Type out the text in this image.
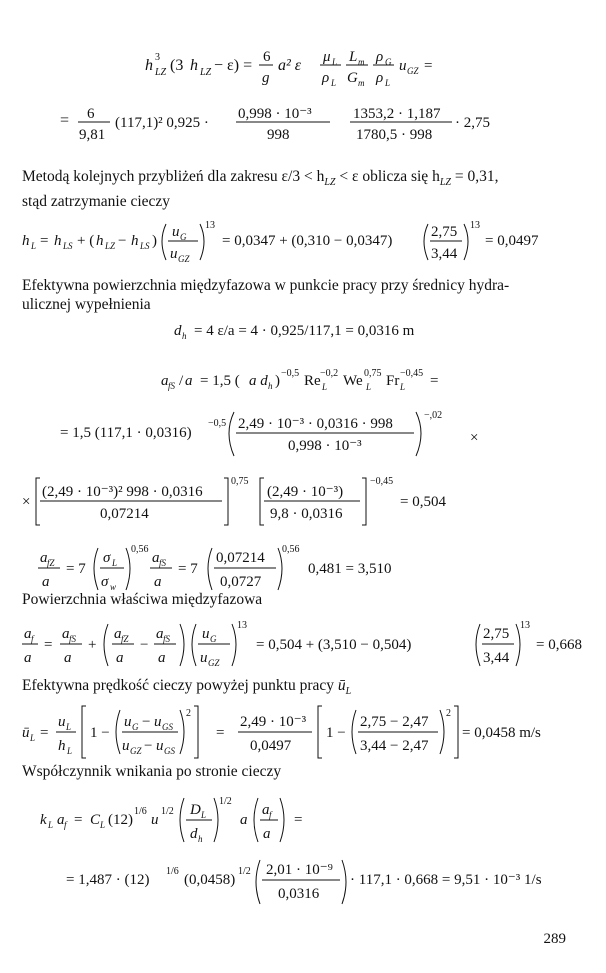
h 3
LZ (3 h LZ − ε) = 6
g
a² ε μ L
ρ L
L m
G m
ρ G
ρ L
u GZ =
= 6
9,81
(117,1)² 0,925 ·
0,998 · 10⁻³
998
1353,2 · 1,187
1780,5 · 998
· 2,75
Metodą kolejnych przybliżeń dla zakresu $\varepsilon/3 < h_{LZ} < \varepsilon$ oblicza się $h_{LZ} = 0,31$,
stąd zatrzymanie cieczy
h L = h LS + ( h LZ − h LS )
u G
u GZ
13
= 0,0347 + (0,310 − 0,0347)
2,75
3,44
13
= 0,0497
Efektywna powierzchnia międzyfazowa w punkcie pracy przy średnicy hydra-
ulicznej wypełnienia
d h = 4 ε/a = 4 · 0,925/117,1 = 0,0316 m
a fS / a = 1,5 ( a d h ) −0,5 Re L
−0,2 We L
0,75 Fr L
−0,45 =
= 1,5 (117,1 · 0,0316)
−0,5 2,49 · 10⁻³ · 0,0316 · 998
0,998 · 10⁻³
−,02
×
×
(2,49 · 10⁻³)² 998 · 0,0316
0,07214
0,75
(2,49 · 10⁻³)
9,8 · 0,0316
−0,45
= 0,504
a fZ
a
= 7
σ L
σ w
0,56
a fS
a
= 7
0,07214
0,0727
0,56
0,481 = 3,510
Powierzchnia właściwa międzyfazowa
a f
a
=
a fS
a
+
a fZ
a
−
a fS
a
u G
u GZ
13
= 0,504 + (3,510 − 0,504)
2,75
3,44
13
= 0,668
Efektywna prędkość cieczy powyżej punktu pracy $ū_L$
ū L =
u L
h L
1 −
u G − u GS
u GZ − u GS
2
=
2,49 · 10⁻³
0,0497
1 −
2,75 − 2,47
3,44 − 2,47
2
= 0,0458 m/s
Współczynnik wnikania po stronie cieczy
k L a f = C L (12)
1/6
u
1/2 D L
d h
1/2
a
a f
a
=
= 1,487 · (12)
1/6
(0,0458)
1/2 2,01 · 10⁻⁹
0,0316
· 117,1 · 0,668 = 9,51 · 10⁻³ 1/s
289
